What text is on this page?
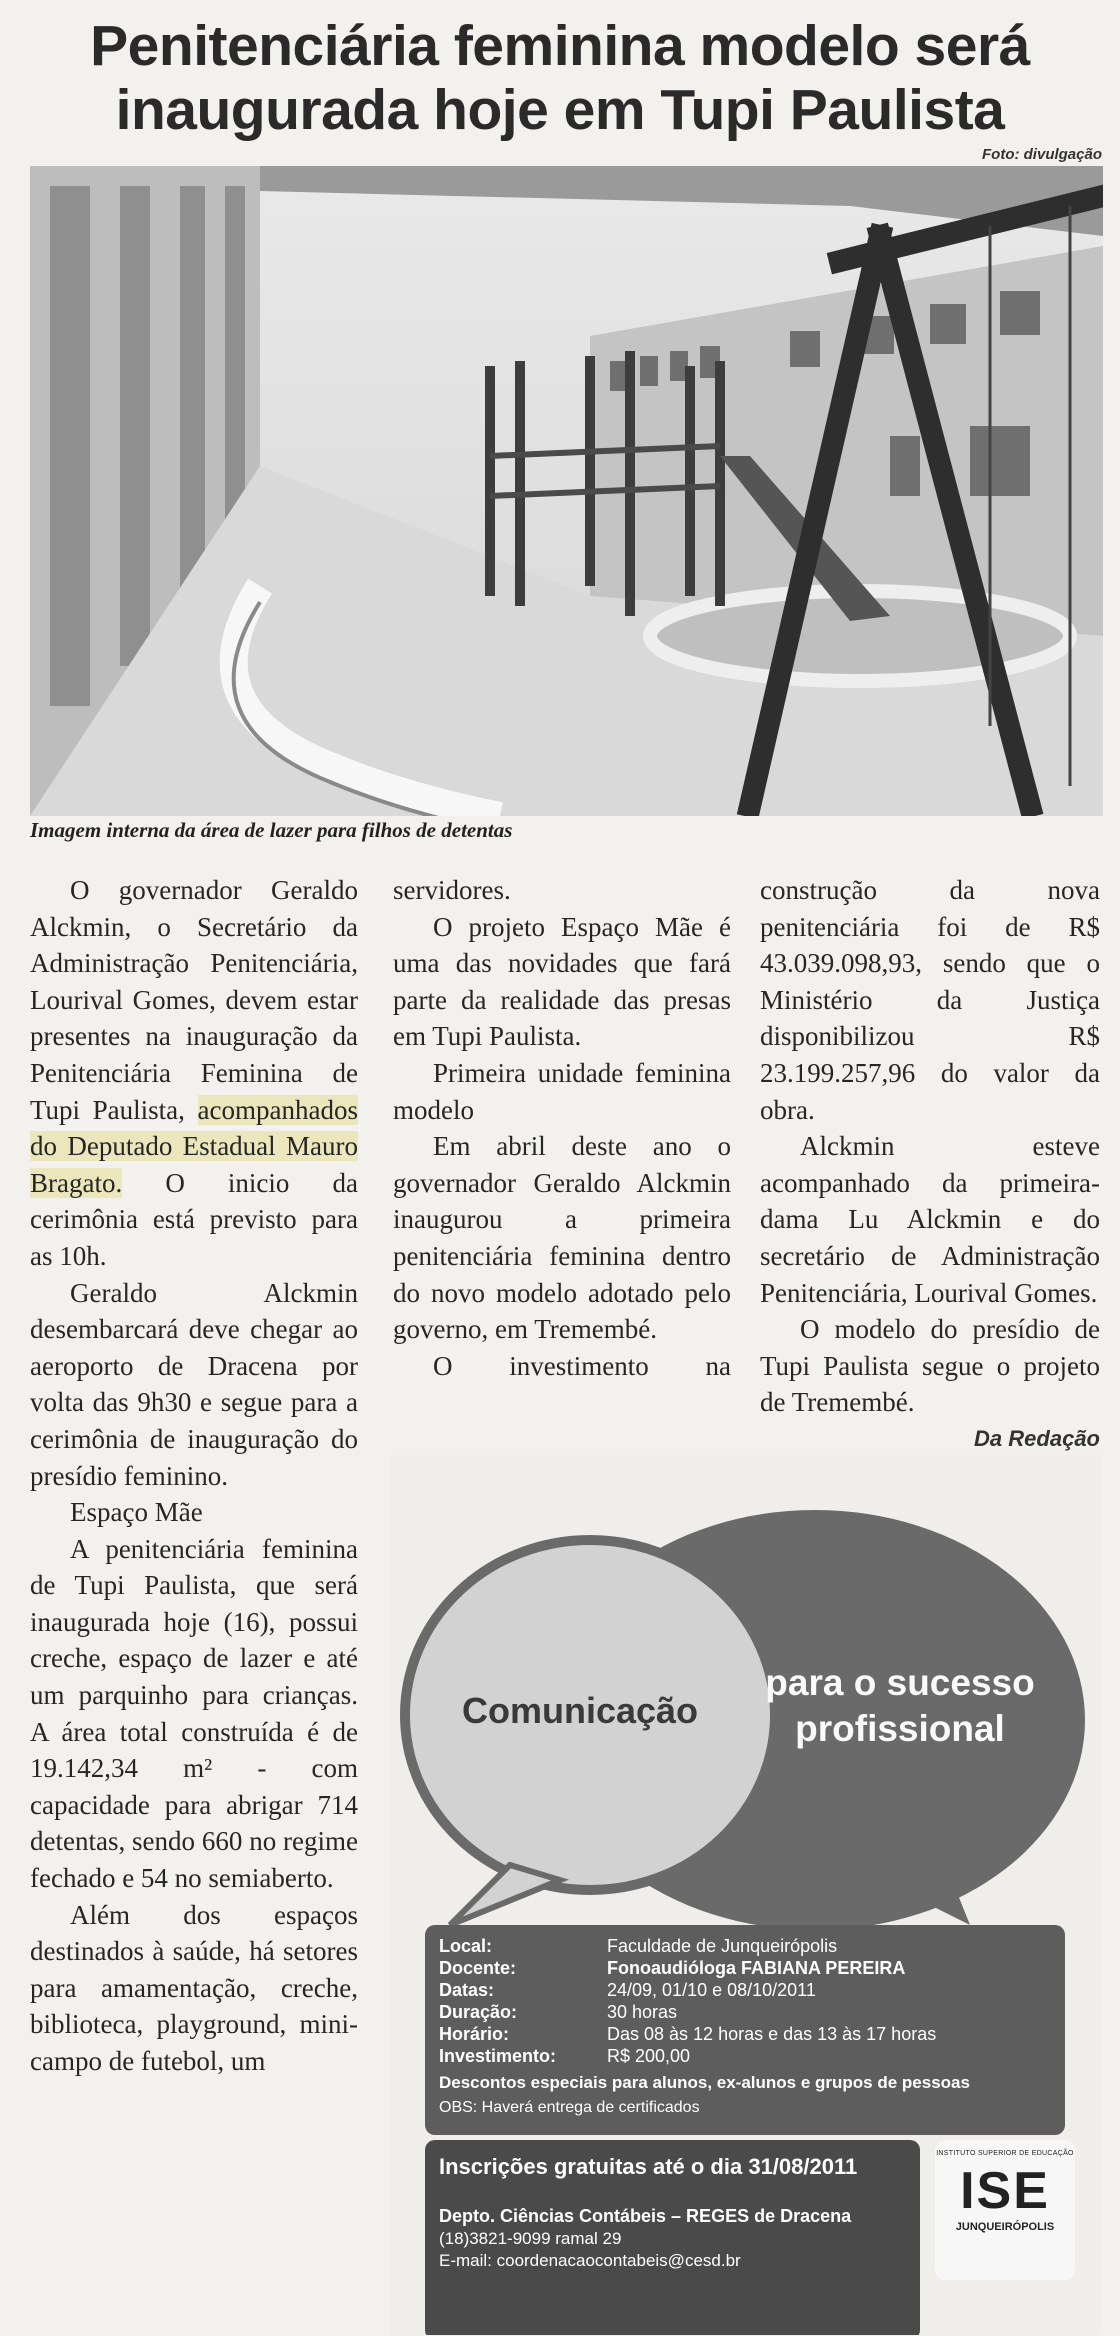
Penitenciária feminina modelo será
inaugurada hoje em Tupi Paulista
Foto: divulgação
Imagem interna da área de lazer para filhos de detentas

O governador Geraldo Alckmin, o Secretário da Administração Penitenciária, Lourival Gomes, devem estar presentes na inauguração da Penitenciária Feminina de Tupi Paulista, acompanhados do Deputado Estadual Mauro Bragato. O inicio da cerimônia está previsto para as 10h.

Geraldo Alckmin desembarcará deve chegar ao aeroporto de Dracena por volta das 9h30 e segue para a cerimônia de inauguração do presídio feminino.

Espaço Mãe

A penitenciária feminina de Tupi Paulista, que será inaugurada hoje (16), possui creche, espaço de lazer e até um parquinho para crianças. A área total construída é de 19.142,34 m² - com capacidade para abrigar 714 detentas, sendo 660 no regime fechado e 54 no semiaberto.

Além dos espaços destinados à saúde, há setores para amamentação, creche, biblioteca, playground, mini-campo de futebol, um

servidores.

O projeto Espaço Mãe é uma das novidades que fará parte da realidade das presas em Tupi Paulista.

Primeira unidade feminina modelo

Em abril deste ano o governador Geraldo Alckmin inaugurou a primeira penitenciária feminina dentro do novo modelo adotado pelo governo, em Tremembé.

O investimento na

construção da nova penitenciária foi de R$ 43.039.098,93, sendo que o Ministério da Justiça disponibilizou R$ 23.199.257,96 do valor da obra.

Alckmin esteve acompanhado da primeira-dama Lu Alckmin e do secretário de Administração Penitenciária, Lourival Gomes.

O modelo do presídio de Tupi Paulista segue o projeto de Tremembé.

Da Redação

Comunicação
para o sucesso
profissional
Local:	Faculdade de Junqueirópolis
Docente:	Fonoaudióloga FABIANA PEREIRA
Datas:	24/09, 01/10 e 08/10/2011
Duração:	30 horas
Horário:	Das 08 às 12 horas e das 13 às 17 horas
Investimento:	R$ 200,00
Descontos especiais para alunos, ex-alunos e grupos de pessoas
OBS: Haverá entrega de certificados
Inscrições gratuitas até o dia 31/08/2011
Depto. Ciências Contábeis – REGES de Dracena
(18)3821-9099 ramal 29
E-mail: coordenacaocontabeis@cesd.br
INSTITUTO SUPERIOR DE EDUCAÇÃO
ISE
JUNQUEIRÓPOLIS
